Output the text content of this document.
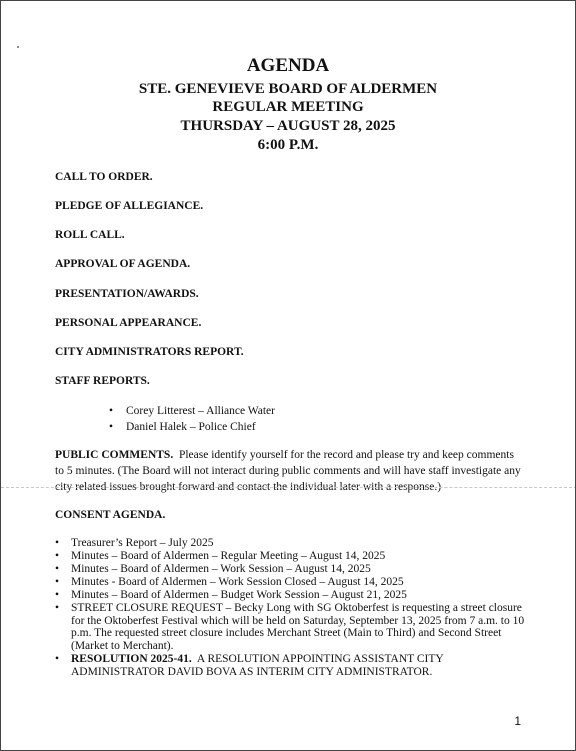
AGENDA
STE. GENEVIEVE BOARD OF ALDERMEN
REGULAR MEETING
THURSDAY – AUGUST 28, 2025
6:00 P.M.
CALL TO ORDER.
PLEDGE OF ALLEGIANCE.
ROLL CALL.
APPROVAL OF AGENDA.
PRESENTATION/AWARDS.
PERSONAL APPEARANCE.
CITY ADMINISTRATORS REPORT.
STAFF REPORTS.
• Corey Litterest – Alliance Water
• Daniel Halek – Police Chief
PUBLIC COMMENTS. Please identify yourself for the record and please try and keep comments to 5 minutes. (The Board will not interact during public comments and will have staff investigate any city related issues brought forward and contact the individual later with a response.)
CONSENT AGENDA.
• Treasurer’s Report – July 2025
• Minutes – Board of Aldermen – Regular Meeting – August 14, 2025
• Minutes – Board of Aldermen – Work Session – August 14, 2025
• Minutes - Board of Aldermen – Work Session Closed – August 14, 2025
• Minutes – Board of Aldermen – Budget Work Session – August 21, 2025
• STREET CLOSURE REQUEST – Becky Long with SG Oktoberfest is requesting a street closure for the Oktoberfest Festival which will be held on Saturday, September 13, 2025 from 7 a.m. to 10 p.m. The requested street closure includes Merchant Street (Main to Third) and Second Street (Market to Merchant).
• RESOLUTION 2025-41. A RESOLUTION APPOINTING ASSISTANT CITY ADMINISTRATOR DAVID BOVA AS INTERIM CITY ADMINISTRATOR.
1
